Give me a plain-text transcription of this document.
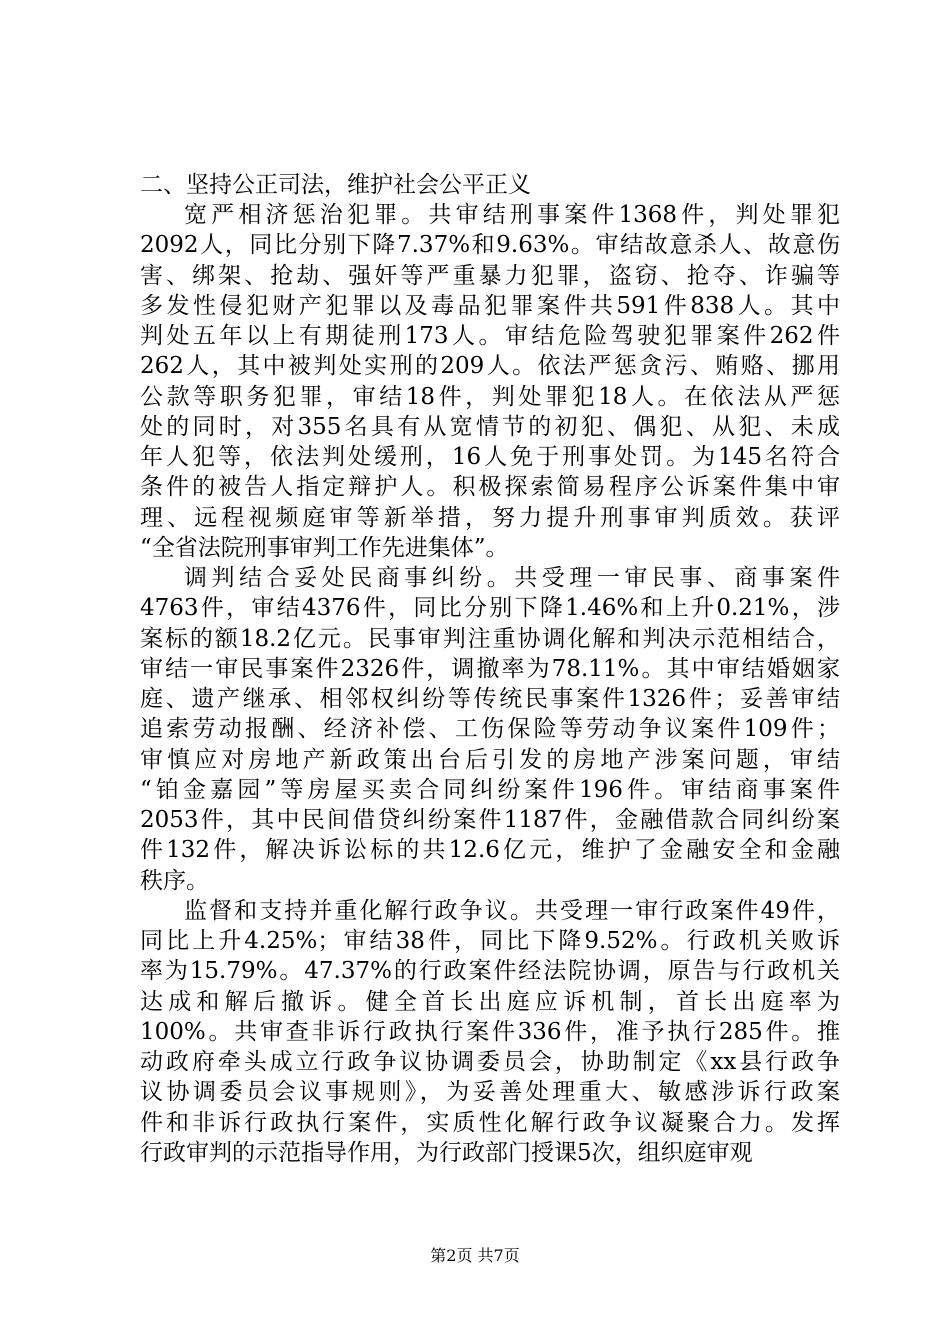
二、坚持公正司法，维护社会公平正义

宽严相济惩治犯罪。共审结刑事案件1368件，判处罪犯
2092人，同比分别下降7.37%和9.63%。审结故意杀人、故意伤
害、绑架、抢劫、强奸等严重暴力犯罪，盗窃、抢夺、诈骗等
多发性侵犯财产犯罪以及毒品犯罪案件共591件838人。其中
判处五年以上有期徒刑173人。审结危险驾驶犯罪案件262件
262人，其中被判处实刑的209人。依法严惩贪污、贿赂、挪用
公款等职务犯罪，审结18件，判处罪犯18人。在依法从严惩
处的同时，对355名具有从宽情节的初犯、偶犯、从犯、未成
年人犯等，依法判处缓刑，16人免于刑事处罚。为145名符合
条件的被告人指定辩护人。积极探索简易程序公诉案件集中审
理、远程视频庭审等新举措，努力提升刑事审判质效。获评
“全省法院刑事审判工作先进集体”。

调判结合妥处民商事纠纷。共受理一审民事、商事案件
4763件，审结4376件，同比分别下降1.46%和上升0.21%，涉
案标的额18.2亿元。民事审判注重协调化解和判决示范相结合，
审结一审民事案件2326件，调撤率为78.11%。其中审结婚姻家
庭、遗产继承、相邻权纠纷等传统民事案件1326件；妥善审结
追索劳动报酬、经济补偿、工伤保险等劳动争议案件109件；
审慎应对房地产新政策出台后引发的房地产涉案问题，审结
“铂金嘉园”等房屋买卖合同纠纷案件196件。审结商事案件
2053件，其中民间借贷纠纷案件1187件，金融借款合同纠纷案
件132件，解决诉讼标的共12.6亿元，维护了金融安全和金融
秩序。

监督和支持并重化解行政争议。共受理一审行政案件49件，
同比上升4.25%；审结38件，同比下降9.52%。行政机关败诉
率为15.79%。47.37%的行政案件经法院协调，原告与行政机关
达成和解后撤诉。健全首长出庭应诉机制，首长出庭率为
100%。共审查非诉行政执行案件336件，准予执行285件。推
动政府牵头成立行政争议协调委员会，协助制定《xx县行政争
议协调委员会议事规则》，为妥善处理重大、敏感涉诉行政案
件和非诉行政执行案件，实质性化解行政争议凝聚合力。发挥
行政审判的示范指导作用，为行政部门授课5次，组织庭审观

第2页 共7页
